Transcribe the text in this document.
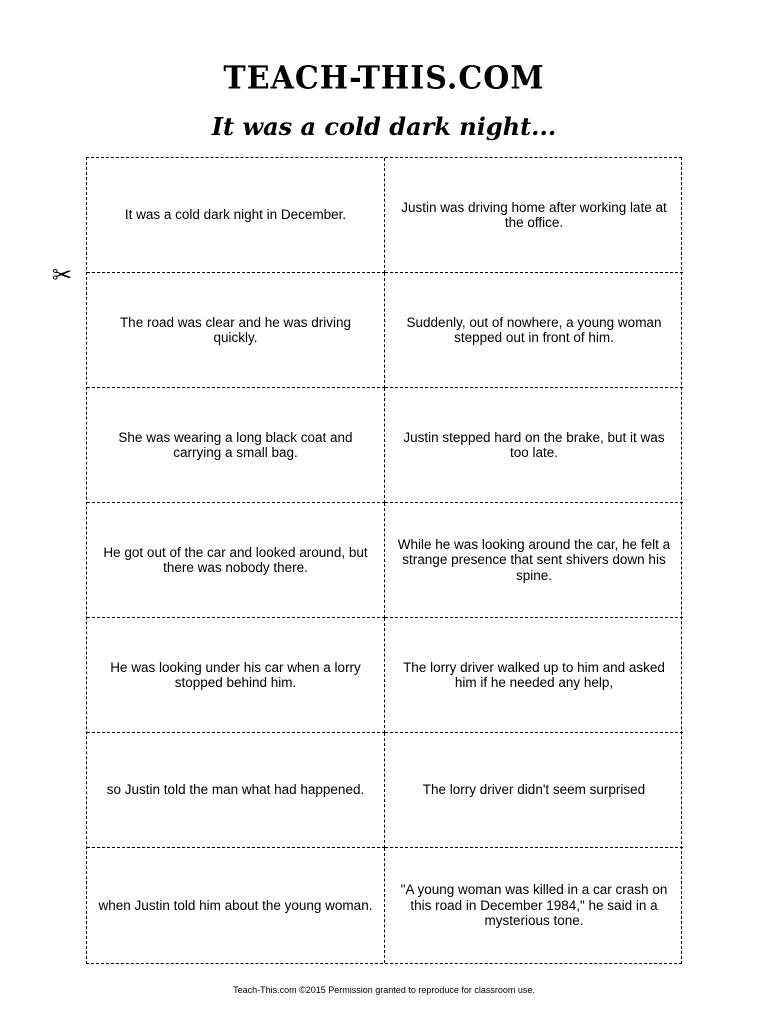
TEACH-THIS.COM
It was a cold dark night...
✂
It was a cold dark night in December.
Justin was driving home after working late at the office.
The road was clear and he was driving quickly.
Suddenly, out of nowhere, a young woman stepped out in front of him.
She was wearing a long black coat and carrying a small bag.
Justin stepped hard on the brake, but it was too late.
He got out of the car and looked around, but there was nobody there.
While he was looking around the car, he felt a strange presence that sent shivers down his spine.
He was looking under his car when a lorry stopped behind him.
The lorry driver walked up to him and asked him if he needed any help,
so Justin told the man what had happened.	The lorry driver didn't seem surprised
when Justin told him about the young woman.
"A young woman was killed in a car crash on this road in December 1984," he said in a mysterious tone.
Teach-This.com ©2015 Permission granted to reproduce for classroom use.
